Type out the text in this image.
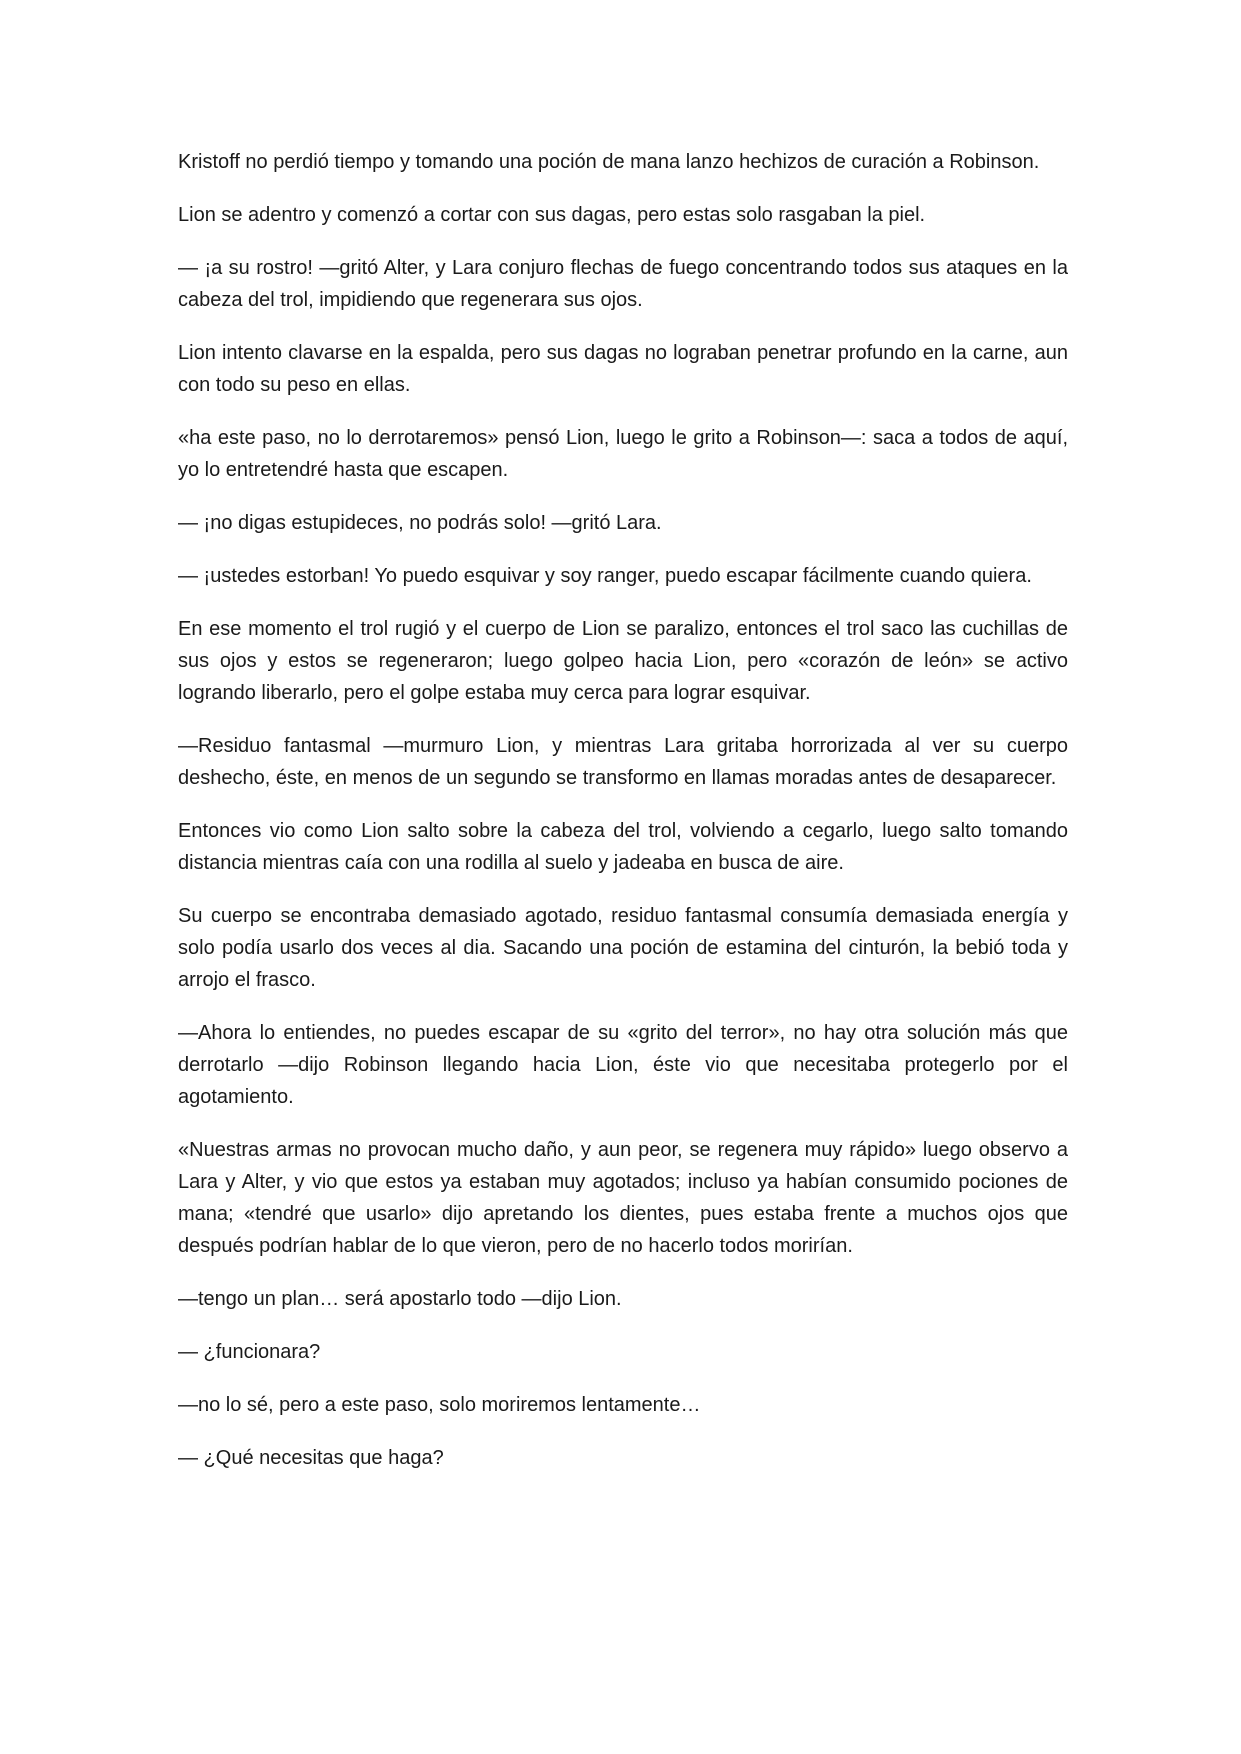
Kristoff no perdió tiempo y tomando una poción de mana lanzo hechizos de curación a Robinson.

Lion se adentro y comenzó a cortar con sus dagas, pero estas solo rasgaban la piel.

— ¡a su rostro! —gritó Alter, y Lara conjuro flechas de fuego concentrando todos sus ataques en la cabeza del trol, impidiendo que regenerara sus ojos.

Lion intento clavarse en la espalda, pero sus dagas no lograban penetrar profundo en la carne, aun con todo su peso en ellas.

«ha este paso, no lo derrotaremos» pensó Lion, luego le grito a Robinson—: saca a todos de aquí, yo lo entretendré hasta que escapen.

— ¡no digas estupideces, no podrás solo! —gritó Lara.

— ¡ustedes estorban! Yo puedo esquivar y soy ranger, puedo escapar fácilmente cuando quiera.

En ese momento el trol rugió y el cuerpo de Lion se paralizo, entonces el trol saco las cuchillas de sus ojos y estos se regeneraron; luego golpeo hacia Lion, pero «corazón de león» se activo logrando liberarlo, pero el golpe estaba muy cerca para lograr esquivar.

—Residuo fantasmal —murmuro Lion, y mientras Lara gritaba horrorizada al ver su cuerpo deshecho, éste, en menos de un segundo se transformo en llamas moradas antes de desaparecer.

Entonces vio como Lion salto sobre la cabeza del trol, volviendo a cegarlo, luego salto tomando distancia mientras caía con una rodilla al suelo y jadeaba en busca de aire.

Su cuerpo se encontraba demasiado agotado, residuo fantasmal consumía demasiada energía y solo podía usarlo dos veces al dia. Sacando una poción de estamina del cinturón, la bebió toda y arrojo el frasco.

—Ahora lo entiendes, no puedes escapar de su «grito del terror», no hay otra solución más que derrotarlo —dijo Robinson llegando hacia Lion, éste vio que necesitaba protegerlo por el agotamiento.

«Nuestras armas no provocan mucho daño, y aun peor, se regenera muy rápido» luego observo a Lara y Alter, y vio que estos ya estaban muy agotados; incluso ya habían consumido pociones de mana; «tendré que usarlo» dijo apretando los dientes, pues estaba frente a muchos ojos que después podrían hablar de lo que vieron, pero de no hacerlo todos morirían.

—tengo un plan… será apostarlo todo —dijo Lion.

— ¿funcionara?

—no lo sé, pero a este paso, solo moriremos lentamente…

— ¿Qué necesitas que haga?
